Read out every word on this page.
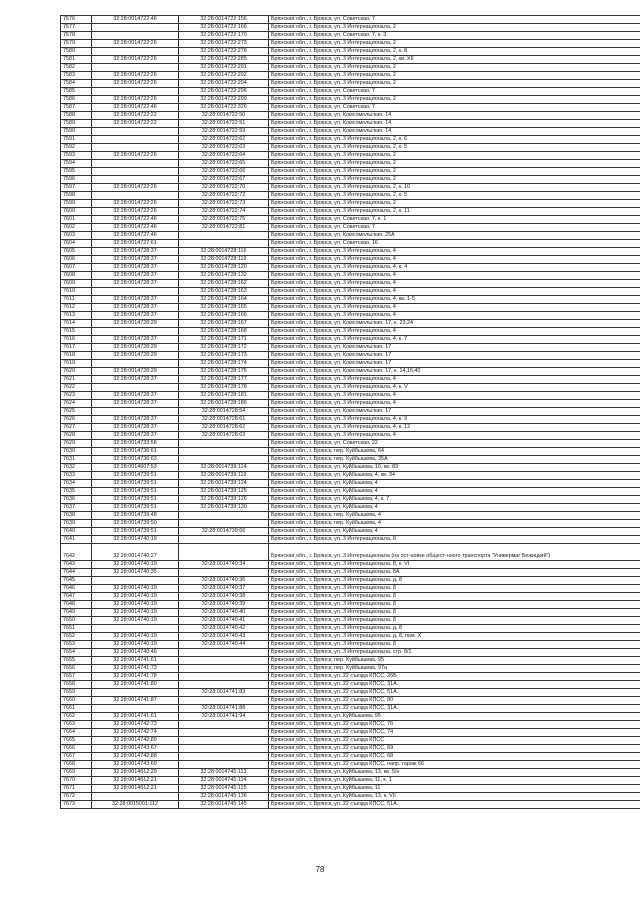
7576	32:28:0014722:46	32:28:0014722:156	Брянская обл., г. Брянск, ул. Советская, 7
7577		32:28:0014722:166	Брянская обл., г. Брянск, ул. 3 Интернационала, 2
7578		32:28:0014722:170	Брянская обл., г. Брянск, ул. Советская, 7, к. 3
7579	32:28:0014722:26	32:28:0014722:273	Брянская обл., г. Брянск, ул. 3 Интернационала, 2
7580		32:28:0014722:278	Брянская обл., г. Брянск, ул. 3 Интернационала, 2, к. 8
7581	32:28:0014722:26	32:28:0014722:285	Брянская обл., г. Брянск, ул. 3 Интернационала, 2, кв. XII
7582		32:28:0014722:291	Брянская обл., г. Брянск, ул. 3 Интернационала, 2
7583	32:28:0014722:26	32:28:0014722:292	Брянская обл., г. Брянск, ул. 3 Интернационала, 2
7584	32:28:0014722:26	32:28:0014722:294	Брянская обл., г. Брянск, ул. 3 Интернационала, 2
7585		32:28:0014722:296	Брянская обл., г. Брянск, ул. Советская, 7
7586	32:28:0014722:26	32:28:0014722:299	Брянская обл., г. Брянск, ул. 3 Интернационала, 2
7587	32:28:0014722:46	32:28:0014722:326	Брянская обл., г. Брянск, ул. Советская, 7
7588	32:28:0014722:22	32:28:0014722:50	Брянская обл., г. Брянск, ул. Комсомольская, 14
7589	32:28:0014722:22	32:28:0014722:51	Брянская обл., г. Брянск, ул. Комсомольская, 14
7590		32:28:0014722:59	Брянская обл., г. Брянск, ул. Комсомольская, 14
7591		32:28:0014722:62	Брянская обл., г. Брянск, ул. 3 Интернационала, 2, к. 6
7592		32:28:0014722:63	Брянская обл., г. Брянск, ул. 3 Интернационала, 2, к. 5
7593	32:28:0014722:26	32:28:0014722:64	Брянская обл., г. Брянск, ул. 3 Интернационала, 2
7594		32:28:0014722:65	Брянская обл., г. Брянск, ул. 3 Интернационала, 2
7595		32:28:0014722:66	Брянская обл., г. Брянск, ул. 3 Интернационала, 2
7596		32:28:0014722:67	Брянская обл., г. Брянск, ул. 3 Интернационала, 2
7597	32:28:0014722:26	32:28:0014722:70	Брянская обл., г. Брянск, ул. 3 Интернационала, 2, к. 10
7598		32:28:0014722:72	Брянская обл., г. Брянск, ул. 3 Интернационала, 2, к. 5
7599	32:28:0014722:26	32:28:0014722:73	Брянская обл., г. Брянск, ул. 3 Интернационала, 2
7600	32:28:0014722:26	32:28:0014722:74	Брянская обл., г. Брянск, ул. 3 Интернационала, 2, к. 11
7601	32:28:0014722:46	32:28:0014722:75	Брянская обл., г. Брянск, ул. Советская, 7, к. 1
7602	32:28:0014722:46	32:28:0014722:81	Брянская обл., г. Брянск, ул. Советская, 7
7603	32:28:0014727:46		Брянская обл., г. Брянск, ул. Комсомольская, 25А
7604	32:28:0014727:61		Брянская обл., г. Брянск, ул. Советская, 16
7605	32:28:0014728:37	32:28:0014728:116	Брянская обл., г. Брянск, ул. 3 Интернационала, 4
7606	32:28:0014728:37	32:28:0014728:119	Брянская обл., г. Брянск, ул. 3 Интернационала, 4
7607	32:28:0014728:37	32:28:0014728:120	Брянская обл., г. Брянск, ул. 3 Интернационала, 4, к. 4
7608	32:28:0014728:37	32:28:0014728:132	Брянская обл., г. Брянск, ул. 3 Интернационала, 4
7609	32:28:0014728:37	32:28:0014728:162	Брянская обл., г. Брянск, ул. 3 Интернационала, 4
7610		32:28:0014728:163	Брянская обл., г. Брянск, ул. 3 Интернационала, 4
7611	32:28:0014728:37	32:28:0014728:164	Брянская обл., г. Брянск, ул. 3 Интернационала, 4, кв. 1-5
7612	32:28:0014728:37	32:28:0014728:165	Брянская обл., г. Брянск, ул. 3 Интернационала, 4
7613	32:28:0014728:37	32:28:0014728:166	Брянская обл., г. Брянск, ул. 3 Интернационала, 4
7614	32:28:0014728:29	32:28:0014728:167	Брянская обл., г. Брянск, ул. Комсомольская, 17, к. 23,24
7615		32:28:0014728:168	Брянская обл., г. Брянск, ул. 3 Интернационала, 4
7616	32:28:0014728:37	32:28:0014728:171	Брянская обл., г. Брянск, ул. 3 Интернационала, 4, к. 7
7617	32:28:0014728:29	32:28:0014728:172	Брянская обл., г. Брянск, ул. Комсомольская, 17
7618	32:28:0014728:29	32:28:0014728:173	Брянская обл., г. Брянск, ул. Комсомольская, 17
7619		32:28:0014728:174	Брянская обл., г. Брянск, ул. Комсомольская, 17
7620	32:28:0014728:29	32:28:0014728:175	Брянская обл., г. Брянск, ул. Комсомольская, 17, к. 14,15,40
7621	32:28:0014728:37	32:28:0014728:177	Брянская обл., г. Брянск, ул. 3 Интернационала, 4
7622		32:28:0014728:178	Брянская обл., г. Брянск, ул. 3 Интернационала, 4, к. V
7623	32:28:0014728:37	32:28:0014728:181	Брянская обл., г. Брянск, ул. 3 Интернационала, 4
7624	32:28:0014728:37	32:28:0014728:186	Брянская обл., г. Брянск, ул. 3 Интернационала, 4
7625		32:28:0014728:54	Брянская обл., г. Брянск, ул. Комсомольская, 17
7626	32:28:0014728:37	32:28:0014728:61	Брянская обл., г. Брянск, ул. 3 Интернационала, 4, к. 9
7627	32:28:0014728:37	32:28:0014728:62	Брянская обл., г. Брянск, ул. 3 Интернационала, 4, к. 12
7628	32:28:0014728:37	32:28:0014728:63	Брянская обл., г. Брянск, ул. 3 Интернационала, 4
7629	32:28:0014733:56		Брянская обл., г. Брянск, ул. Советская, 22
7630	32:28:0014736:61		Брянская обл., г. Брянск, пер. Куйбышева, 64
7631	32:28:0014736:63		Брянская обл., г. Брянск, пер. Куйбышева, 35А
7632	32:28:0014607:53	32:28:0014739:114	Брянская обл., г. Брянск, ул. Куйбышева, 10, кв. 83
7633	32:28:0014739:51	32:28:0014739:119	Брянская обл., г. Брянск, ул. Куйбышева, 4, кв. 34
7634	32:28:0014739:51	32:28:0014739:124	Брянская обл., г. Брянск, ул. Куйбышева, 4
7635	32:28:0014739:51	32:28:0014739:125	Брянская обл., г. Брянск, ул. Куйбышева, 4
7636	32:28:0014739:51	32:28:0014739:126	Брянская обл., г. Брянск, ул. Куйбышева, 4, к. 7
7637	32:28:0014739:51	32:28:0014739:130	Брянская обл., г. Брянск, ул. Куйбышева, 4
7638	32:28:0014739:48		Брянская обл., г. Брянск, пер. Куйбышева, 4
7639	32:28:0014739:50		Брянская обл., г. Брянск, пер. Куйбышева, 4
7640	32:28:0014739:51	32:28:0014739:66	Брянская обл., г. Брянск, ул. Куйбышева, 4
7641	32:28:0014740:19		Брянская обл., г. Брянск, ул. 3 Интернационала, 8
7642	32:28:0014740:27		Брянская обл., г. Брянск, ул. 3 Интернационала (на ост-новке общест-нного транспорта "Универмаг Бежицкий")
7643	32:28:0014740:19	32:28:0014740:34	Брянская обл., г. Брянск, ул. 3 Интернационала, 8, к. VI
7644	32:28:0014740:35		Брянская обл., г. Брянск, ул. 3 Интернационала, 8А
7645		32:28:0014740:36	Брянская обл., г. Брянск, ул. 3 Интернационала, д. 8
7646	32:28:0014740:19	32:28:0014740:37	Брянская обл., г. Брянск, ул. 3 Интернационала, 8
7647	32:28:0014740:19	32:28:0014740:38	Брянская обл., г. Брянск, ул. 3 Интернационала, 8
7648	32:28:0014740:19	32:28:0014740:39	Брянская обл., г. Брянск, ул. 3 Интернационала, 8
7649	32:28:0014740:19	32:28:0014740:40	Брянская обл., г. Брянск, ул. 3 Интернационала, 8
7650	32:28:0014740:19	32:28:0014740:41	Брянская обл., г. Брянск, ул. 3 Интернационала, 8
7651		32:28:0014740:42	Брянская обл., г. Брянск, ул. 3 Интернационала, д. 8
7652	32:28:0014740:19	32:28:0014740:43	Брянская обл., г. Брянск, ул. 3 Интернационала, д. 8, пом. X
7653	32:28:0014740:19	32:28:0014740:44	Брянская обл., г. Брянск, ул. 3 Интернационала, 8
7654	32:28:0014740:46		Брянская обл., г. Брянск, ул. 3 Интернационала, стр. 8/1
7655	32:28:0014741:61		Брянская обл., г. Брянск, пер. Куйбышева, 95
7656	32:28:0014741:73		Брянская обл., г. Брянск, пер. Куйбышева, 97а
7657	32:28:0014741:78		Брянская обл., г. Брянск, ул. 22 съезда КПСС, 26Б
7658	32:28:0014741:80		Брянская обл., г. Брянск, ул. 22 съезда КПСС, 31А
7659		32:28:0014741:83	Брянская обл., г. Брянск, ул. 22 съезда КПСС, 51А
7660	32:28:0014741:87		Брянская обл., г. Брянск, ул. 22 съезда КПСС, 80
7661		32:28:0014741:88	Брянская обл., г. Брянск, ул. 22 съезда КПСС, 31А
7662	32:28:0014741:61	32:28:0014741:94	Брянская обл., г. Брянск, ул. Куйбышева, 95
7663	32:28:0014742:73		Брянская обл., г. Брянск, ул. 22 съезда КПСС, 76
7664	32:28:0014742:74		Брянская обл., г. Брянск, ул. 22 съезда КПСС, 74
7665	32:28:0014742:89		Брянская обл., г. Брянск, ул. 22 съезда КПСС
7666	32:28:0014743:67		Брянская обл., г. Брянск, ул. 22 съезда КПСС, 69
7667	32:28:0014742:88		Брянская обл., г. Брянск, ул. 22 съезда КПСС, 68
7668	32:28:0014743:69		Брянская обл., г. Брянск, ул. 22 съезда КПСС, напр. гараж 66
7669	32:28:0014612:29	32:28:0014745:113	Брянская обл., г. Брянск, ул. Куйбышева, 13, кв. 5/н
7670	32:28:0014612:21	32:28:0014745:114	Брянская обл., г. Брянск, ул. Куйбышева, 11, к. 1
7671	32:28:0014612:21	32:28:0014745:115	Брянская обл., г. Брянск, ул. Куйбышева, 11
7672		32:28:0014745:136	Брянская обл., г. Брянск, ул. Куйбышева, 13, к. VII
7673	32:28:0015001:112	32:28:0014745:145	Брянская обл., г. Брянск, ул. 22 съезда КПСС, 51А
78
